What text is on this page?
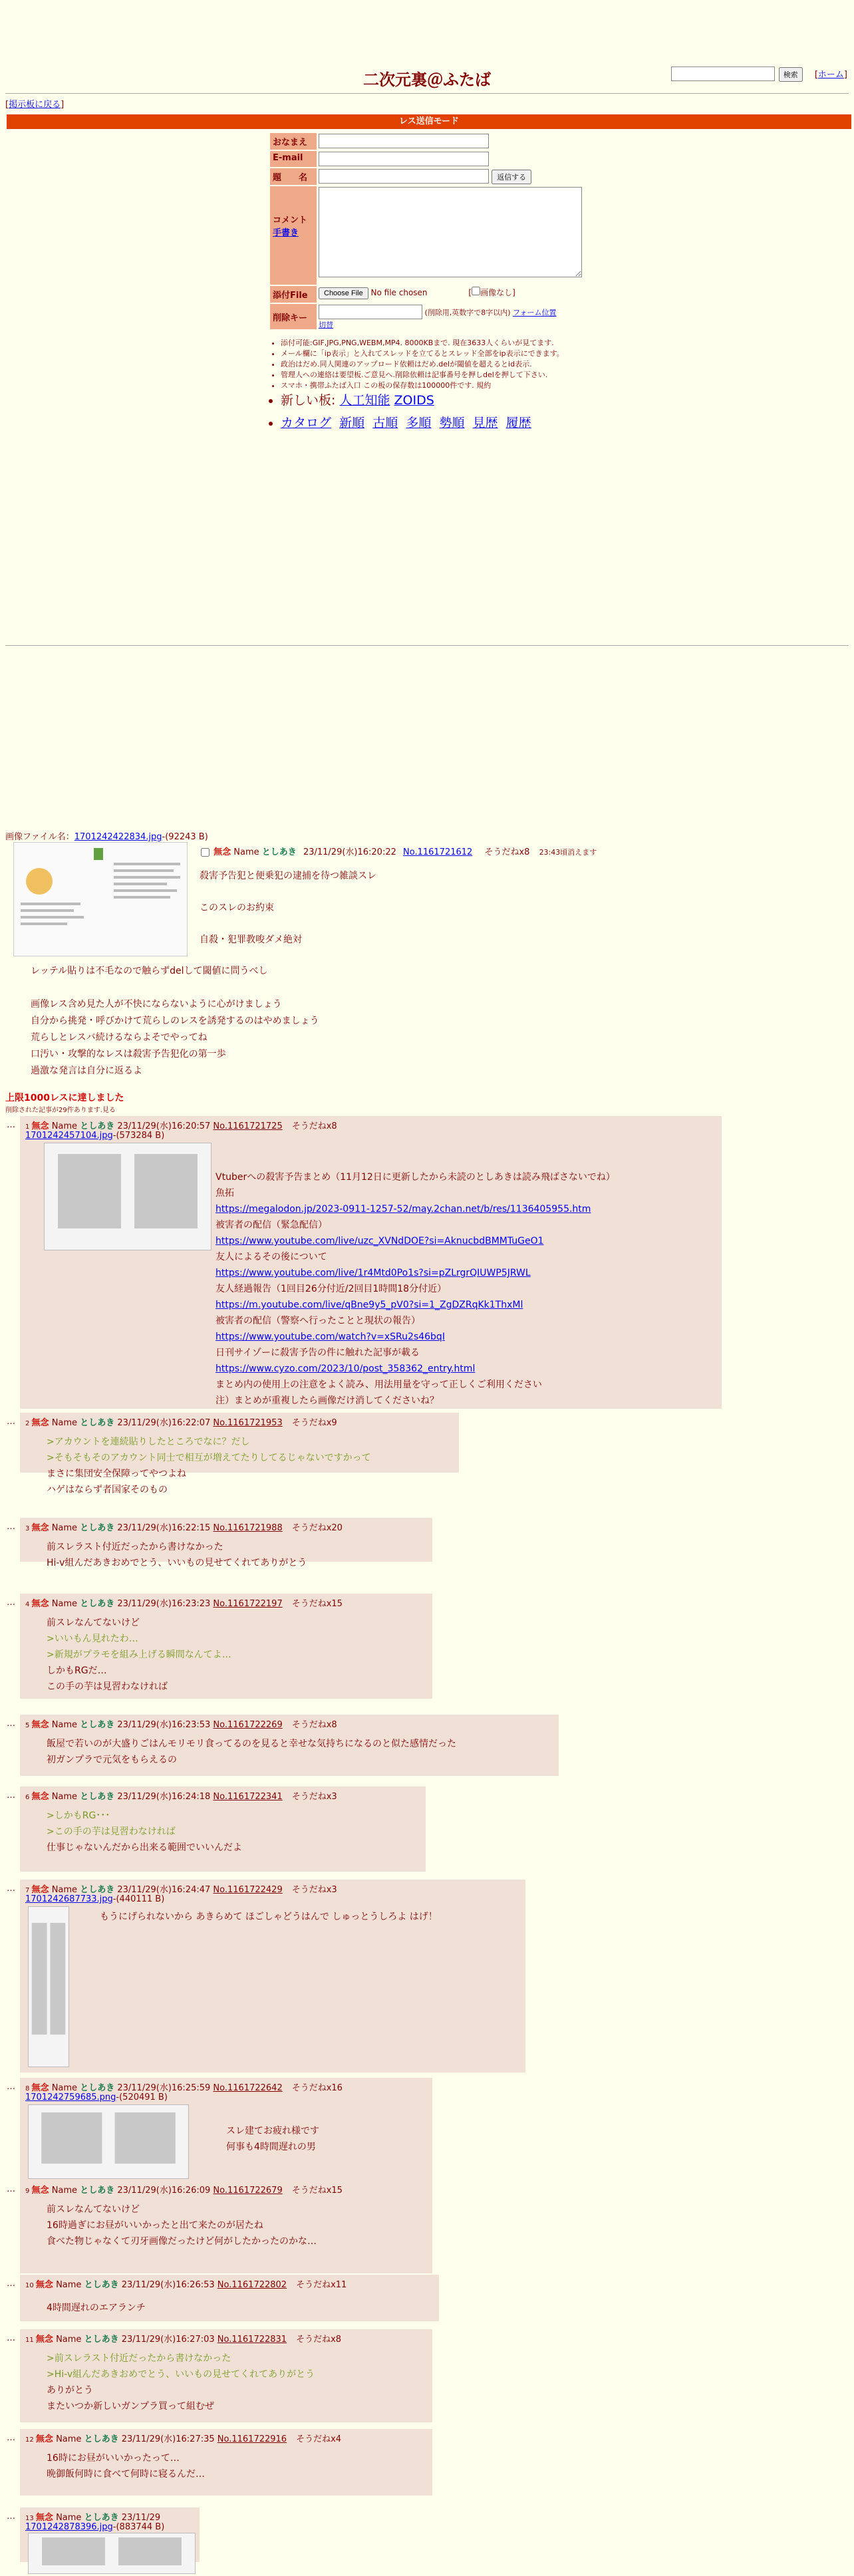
検索 [ホーム]
二次元裏＠ふたば
[掲示板に戻る]
レス送信モード
おなまえ
E-mail
題　　名	返信する
コメント
手書き
添付File	Choose File No file chosen	[ 画像なし]
削除キー
(削除用,英数字で8字以内) フォーム位置
切替
• 添付可能:GIF,JPG,PNG,WEBM,MP4. 8000KBまで. 現在3633人くらいが見てます.
• メール欄に「ip表示」と入れてスレッドを立てるとスレッド全部をip表示にできます。
• 政治はだめ.同人関連のアップロード依頼はだめ.delが閾値を超えるとid表示.
• 管理人への連絡は要望板.ご意見へ.削除依頼は記事番号を押しdelを押して下さい.
• スマホ・携帯ふたば入口 この板の保存数は100000件です. 規約
• 新しい板: 人工知能 ZOIDS
• カタログ 新順 古順 多順 勢順 見歴 履歴
画像ファイル名：1701242422834.jpg-(92243 B)
無念 Name としあき 23/11/29(水)16:20:22 No.1161721612 そうだねx8 23:43頃消えます
殺害予告犯と便乗犯の逮捕を待つ雑談スレ

このスレのお約束

自殺・犯罪教唆ダメ絶対
レッテル貼りは不毛なので触らずdelして閾値に問うべし

画像レス含め見た人が不快にならないように心がけましょう
自分から挑発・呼びかけて荒らしのレスを誘発するのはやめましょう
荒らしとレスバ続けるならよそでやってね
口汚い・攻撃的なレスは殺害予告犯化の第一歩
過激な発言は自分に返るよ
上限1000レスに達しました
削除された記事が29件あります.見る
… 1 無念 Name としあき 23/11/29(水)16:20:57 No.1161721725 そうだねx8
1701242457104.jpg-(573284 B)
Vtuberへの殺害予告まとめ（11月12日に更新したから未読のとしあきは読み飛ばさないでね）
魚拓
https://megalodon.jp/2023-0911-1257-52/may.2chan.net/b/res/1136405955.htm
被害者の配信（緊急配信）
https://www.youtube.com/live/uzc_XVNdDOE?si=AknucbdBMMTuGeO1
友人によるその後について
https://www.youtube.com/live/1r4Mtd0Po1s?si=pZLrgrQIUWP5JRWL
友人経過報告（1回目26分付近/2回目1時間18分付近）
https://m.youtube.com/live/qBne9y5_pV0?si=1_ZgDZRqKk1ThxMl
被害者の配信（警察へ行ったことと現状の報告）
https://www.youtube.com/watch?v=xSRu2s46bqI
日刊サイゾーに殺害予告の件に触れた記事が載る
https://www.cyzo.com/2023/10/post_358362_entry.html
まとめ内の使用上の注意をよく読み、用法用量を守って正しくご利用ください
注）まとめが重複したら画像だけ消してくださいね？
… 2 無念 Name としあき 23/11/29(水)16:22:07 No.1161721953 そうだねx9
>アカウントを連続貼りしたところでなに？だし
>そもそもそのアカウント同士で相互が増えてたりしてるじゃないですかって
まさに集団安全保障ってやつよね
ハゲはならず者国家そのもの
… 3 無念 Name としあき 23/11/29(水)16:22:15 No.1161721988 そうだねx20
前スレラスト付近だったから書けなかった
Hi-v組んだあきおめでとう、いいもの見せてくれてありがとう
… 4 無念 Name としあき 23/11/29(水)16:23:23 No.1161722197 そうだねx15
前スレなんてないけど
>いいもん見れたわ…
>新規がプラモを組み上げる瞬間なんてよ…
しかもRGだ…
この手の芋は見習わなければ
… 5 無念 Name としあき 23/11/29(水)16:23:53 No.1161722269 そうだねx8
飯屋で若いのが大盛りごはんモリモリ食ってるのを見ると幸せな気持ちになるのと似た感情だった
初ガンプラで元気をもらえるの
… 6 無念 Name としあき 23/11/29(水)16:24:18 No.1161722341 そうだねx3
>しかもRG･･･
>この手の芋は見習わなければ
仕事じゃないんだから出来る範囲でいいんだよ
… 7 無念 Name としあき 23/11/29(水)16:24:47 No.1161722429 そうだねx3
1701242687733.jpg-(440111 B)
もうにげられないから あきらめて ほごしゃどうはんで しゅっとうしろよ はげ！
… 8 無念 Name としあき 23/11/29(水)16:25:59 No.1161722642 そうだねx16
1701242759685.png-(520491 B)
スレ建てお疲れ様です
何事も4時間遅れの男
… 9 無念 Name としあき 23/11/29(水)16:26:09 No.1161722679 そうだねx15
前スレなんてないけど
16時過ぎにお昼がいいかったと出て来たのが居たね
食べた物じゃなくて刃牙画像だったけど何がしたかったのかな…
… 10 無念 Name としあき 23/11/29(水)16:26:53 No.1161722802 そうだねx11
4時間遅れのエアランチ
… 11 無念 Name としあき 23/11/29(水)16:27:03 No.1161722831 そうだねx8
>前スレラスト付近だったから書けなかった
>Hi-v組んだあきおめでとう、いいもの見せてくれてありがとう
ありがとう
またいつか新しいガンプラ買って組むぜ
… 12 無念 Name としあき 23/11/29(水)16:27:35 No.1161722916 そうだねx4
16時にお昼がいいかったって…
晩御飯何時に食べて何時に寝るんだ…
… 13 無念 Name としあき 23/11/29
1701242878396.jpg-(883744 B)
